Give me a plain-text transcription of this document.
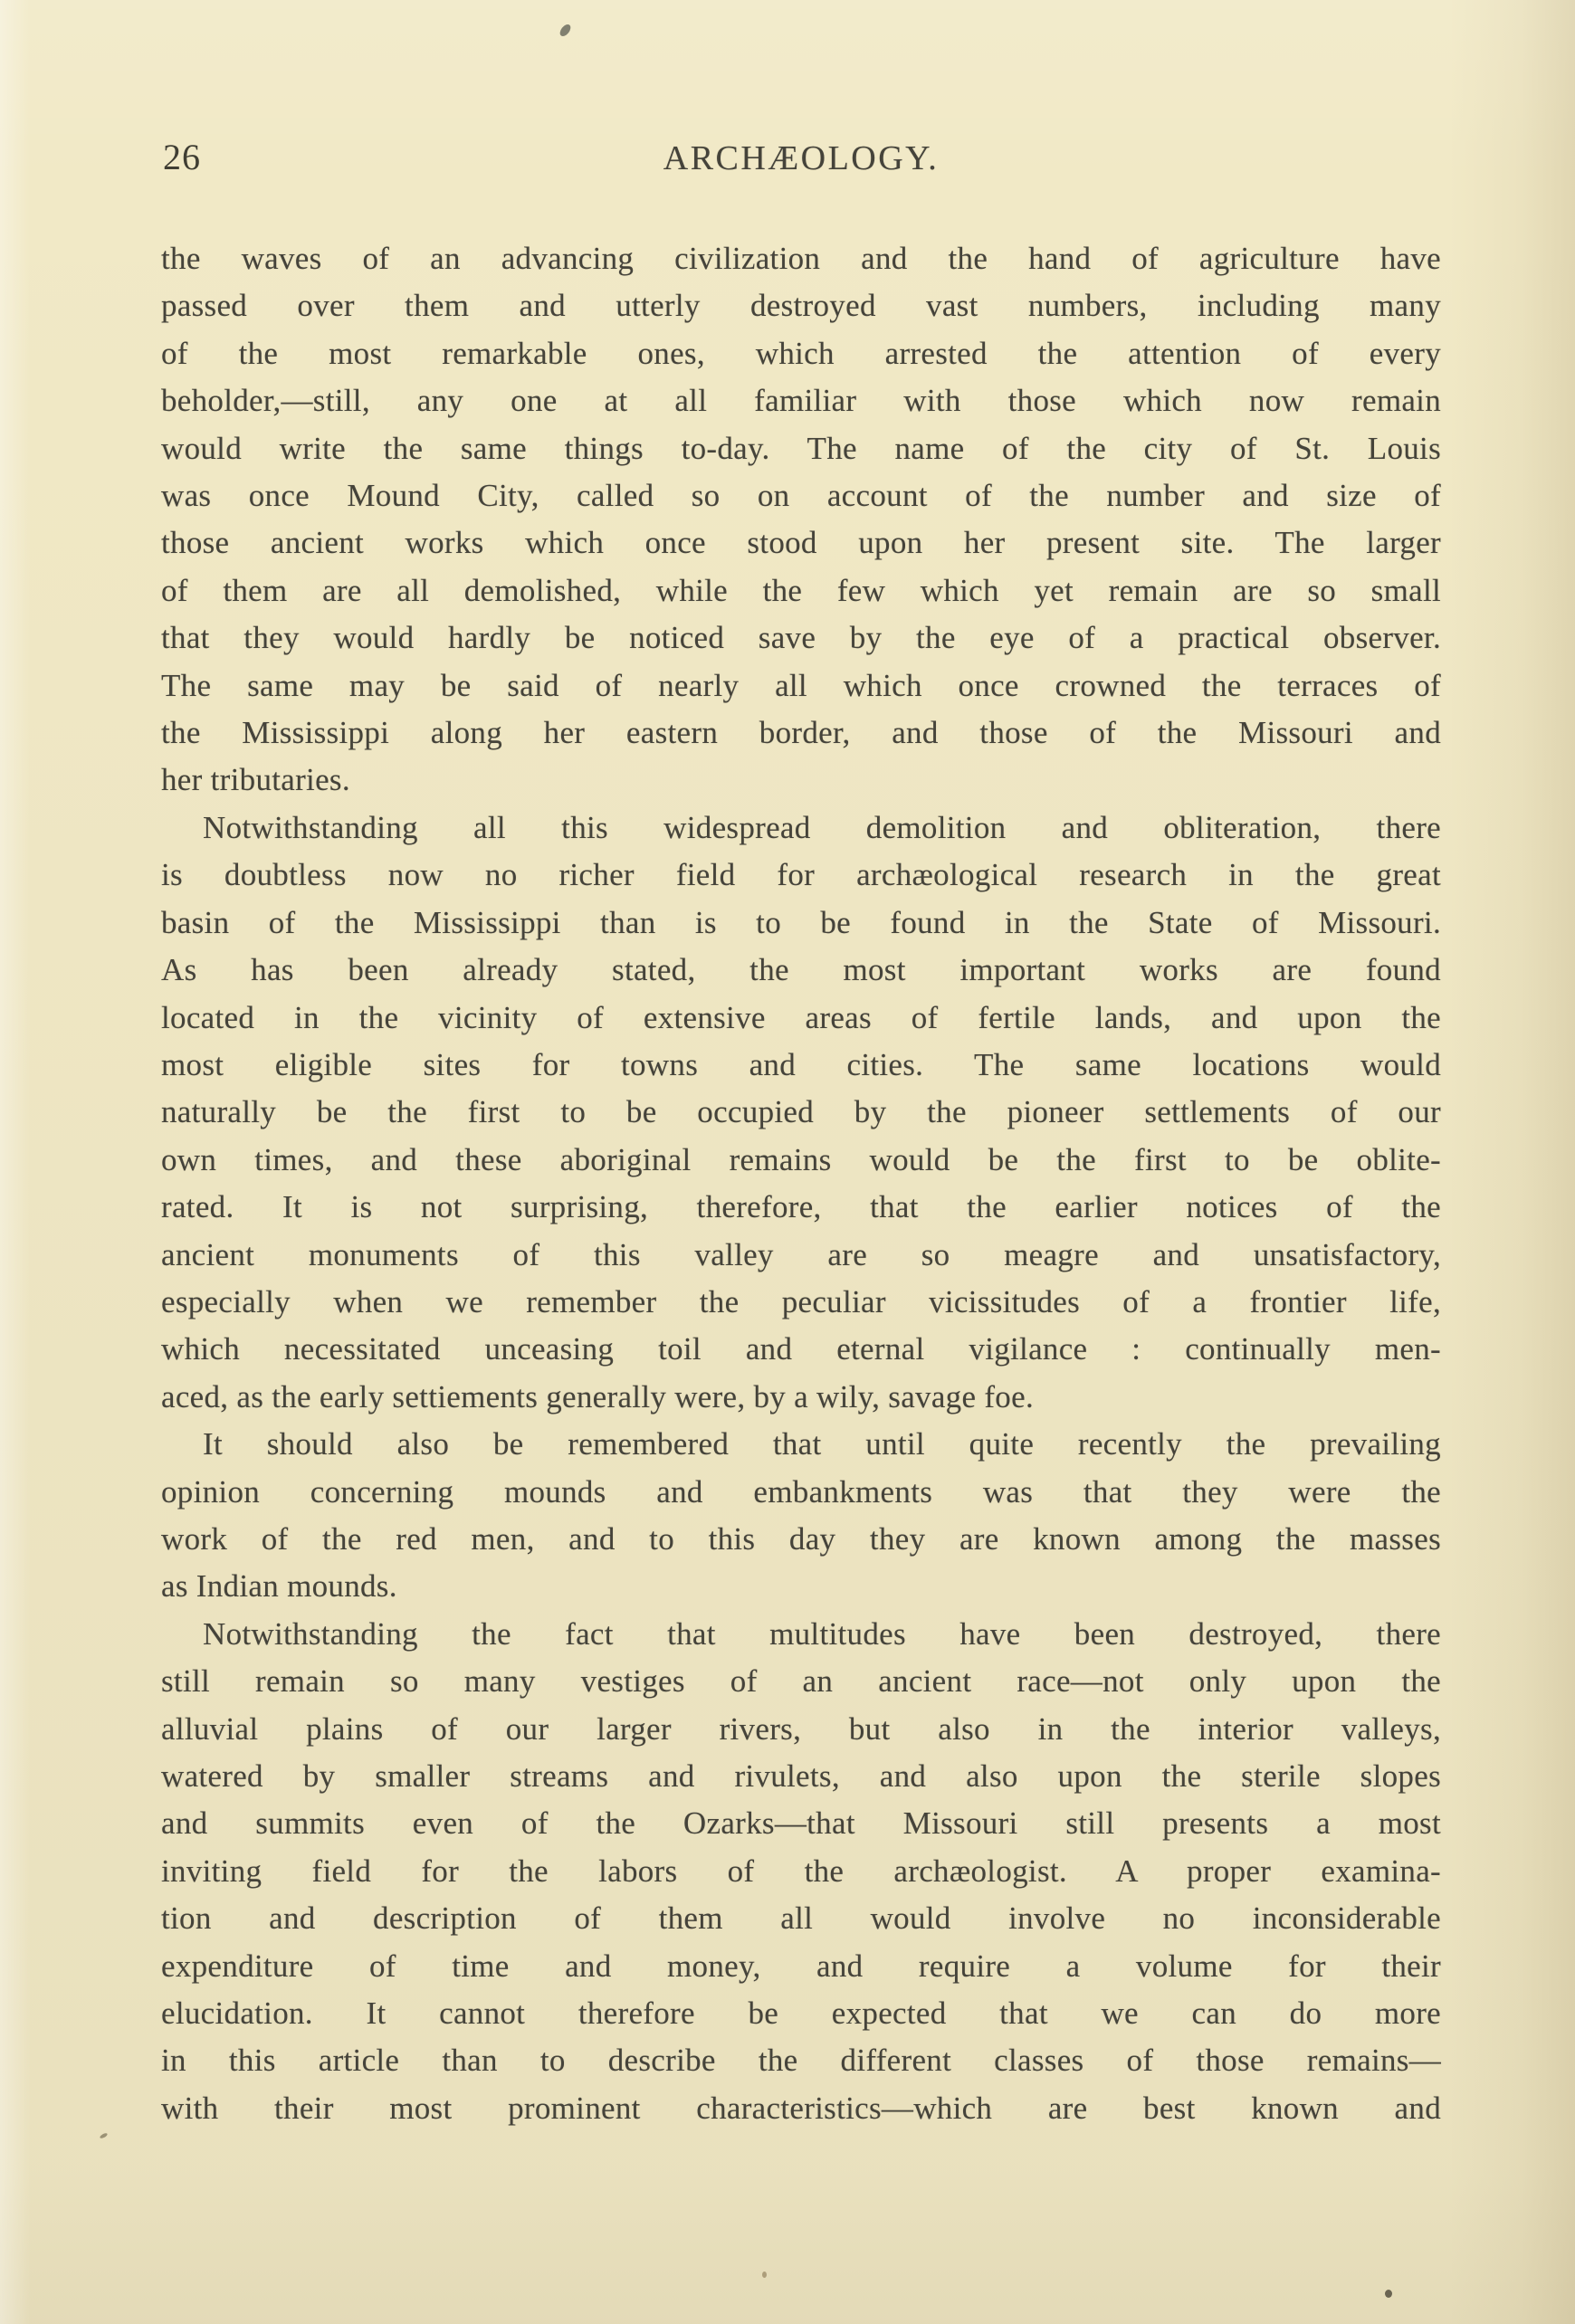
26	ARCHÆOLOGY.
the waves of an advancing civilization and the hand of agriculture have
passed over them and utterly destroyed vast numbers, including many
of the most remarkable ones, which arrested the attention of every
beholder,—still, any one at all familiar with those which now remain
would write the same things to-day. The name of the city of St. Louis
was once Mound City, called so on account of the number and size of
those ancient works which once stood upon her present site. The larger
of them are all demolished, while the few which yet remain are so small
that they would hardly be noticed save by the eye of a practical observer.
The same may be said of nearly all which once crowned the terraces of
the Mississippi along her eastern border, and those of the Missouri and
her tributaries.
Notwithstanding all this widespread demolition and obliteration, there
is doubtless now no richer field for archæological research in the great
basin of the Mississippi than is to be found in the State of Missouri.
As has been already stated, the most important works are found
located in the vicinity of extensive areas of fertile lands, and upon the
most eligible sites for towns and cities. The same locations would
naturally be the first to be occupied by the pioneer settlements of our
own times, and these aboriginal remains would be the first to be oblite-
rated. It is not surprising, therefore, that the earlier notices of the
ancient monuments of this valley are so meagre and unsatisfactory,
especially when we remember the peculiar vicissitudes of a frontier life,
which necessitated unceasing toil and eternal vigilance : continually men-
aced, as the early settiements generally were, by a wily, savage foe.
It should also be remembered that until quite recently the prevailing
opinion concerning mounds and embankments was that they were the
work of the red men, and to this day they are known among the masses
as Indian mounds.
Notwithstanding the fact that multitudes have been destroyed, there
still remain so many vestiges of an ancient race—not only upon the
alluvial plains of our larger rivers, but also in the interior valleys,
watered by smaller streams and rivulets, and also upon the sterile slopes
and summits even of the Ozarks—that Missouri still presents a most
inviting field for the labors of the archæologist. A proper examina-
tion and description of them all would involve no inconsiderable
expenditure of time and money, and require a volume for their
elucidation. It cannot therefore be expected that we can do more
in this article than to describe the different classes of those remains—
with their most prominent characteristics—which are best known and
